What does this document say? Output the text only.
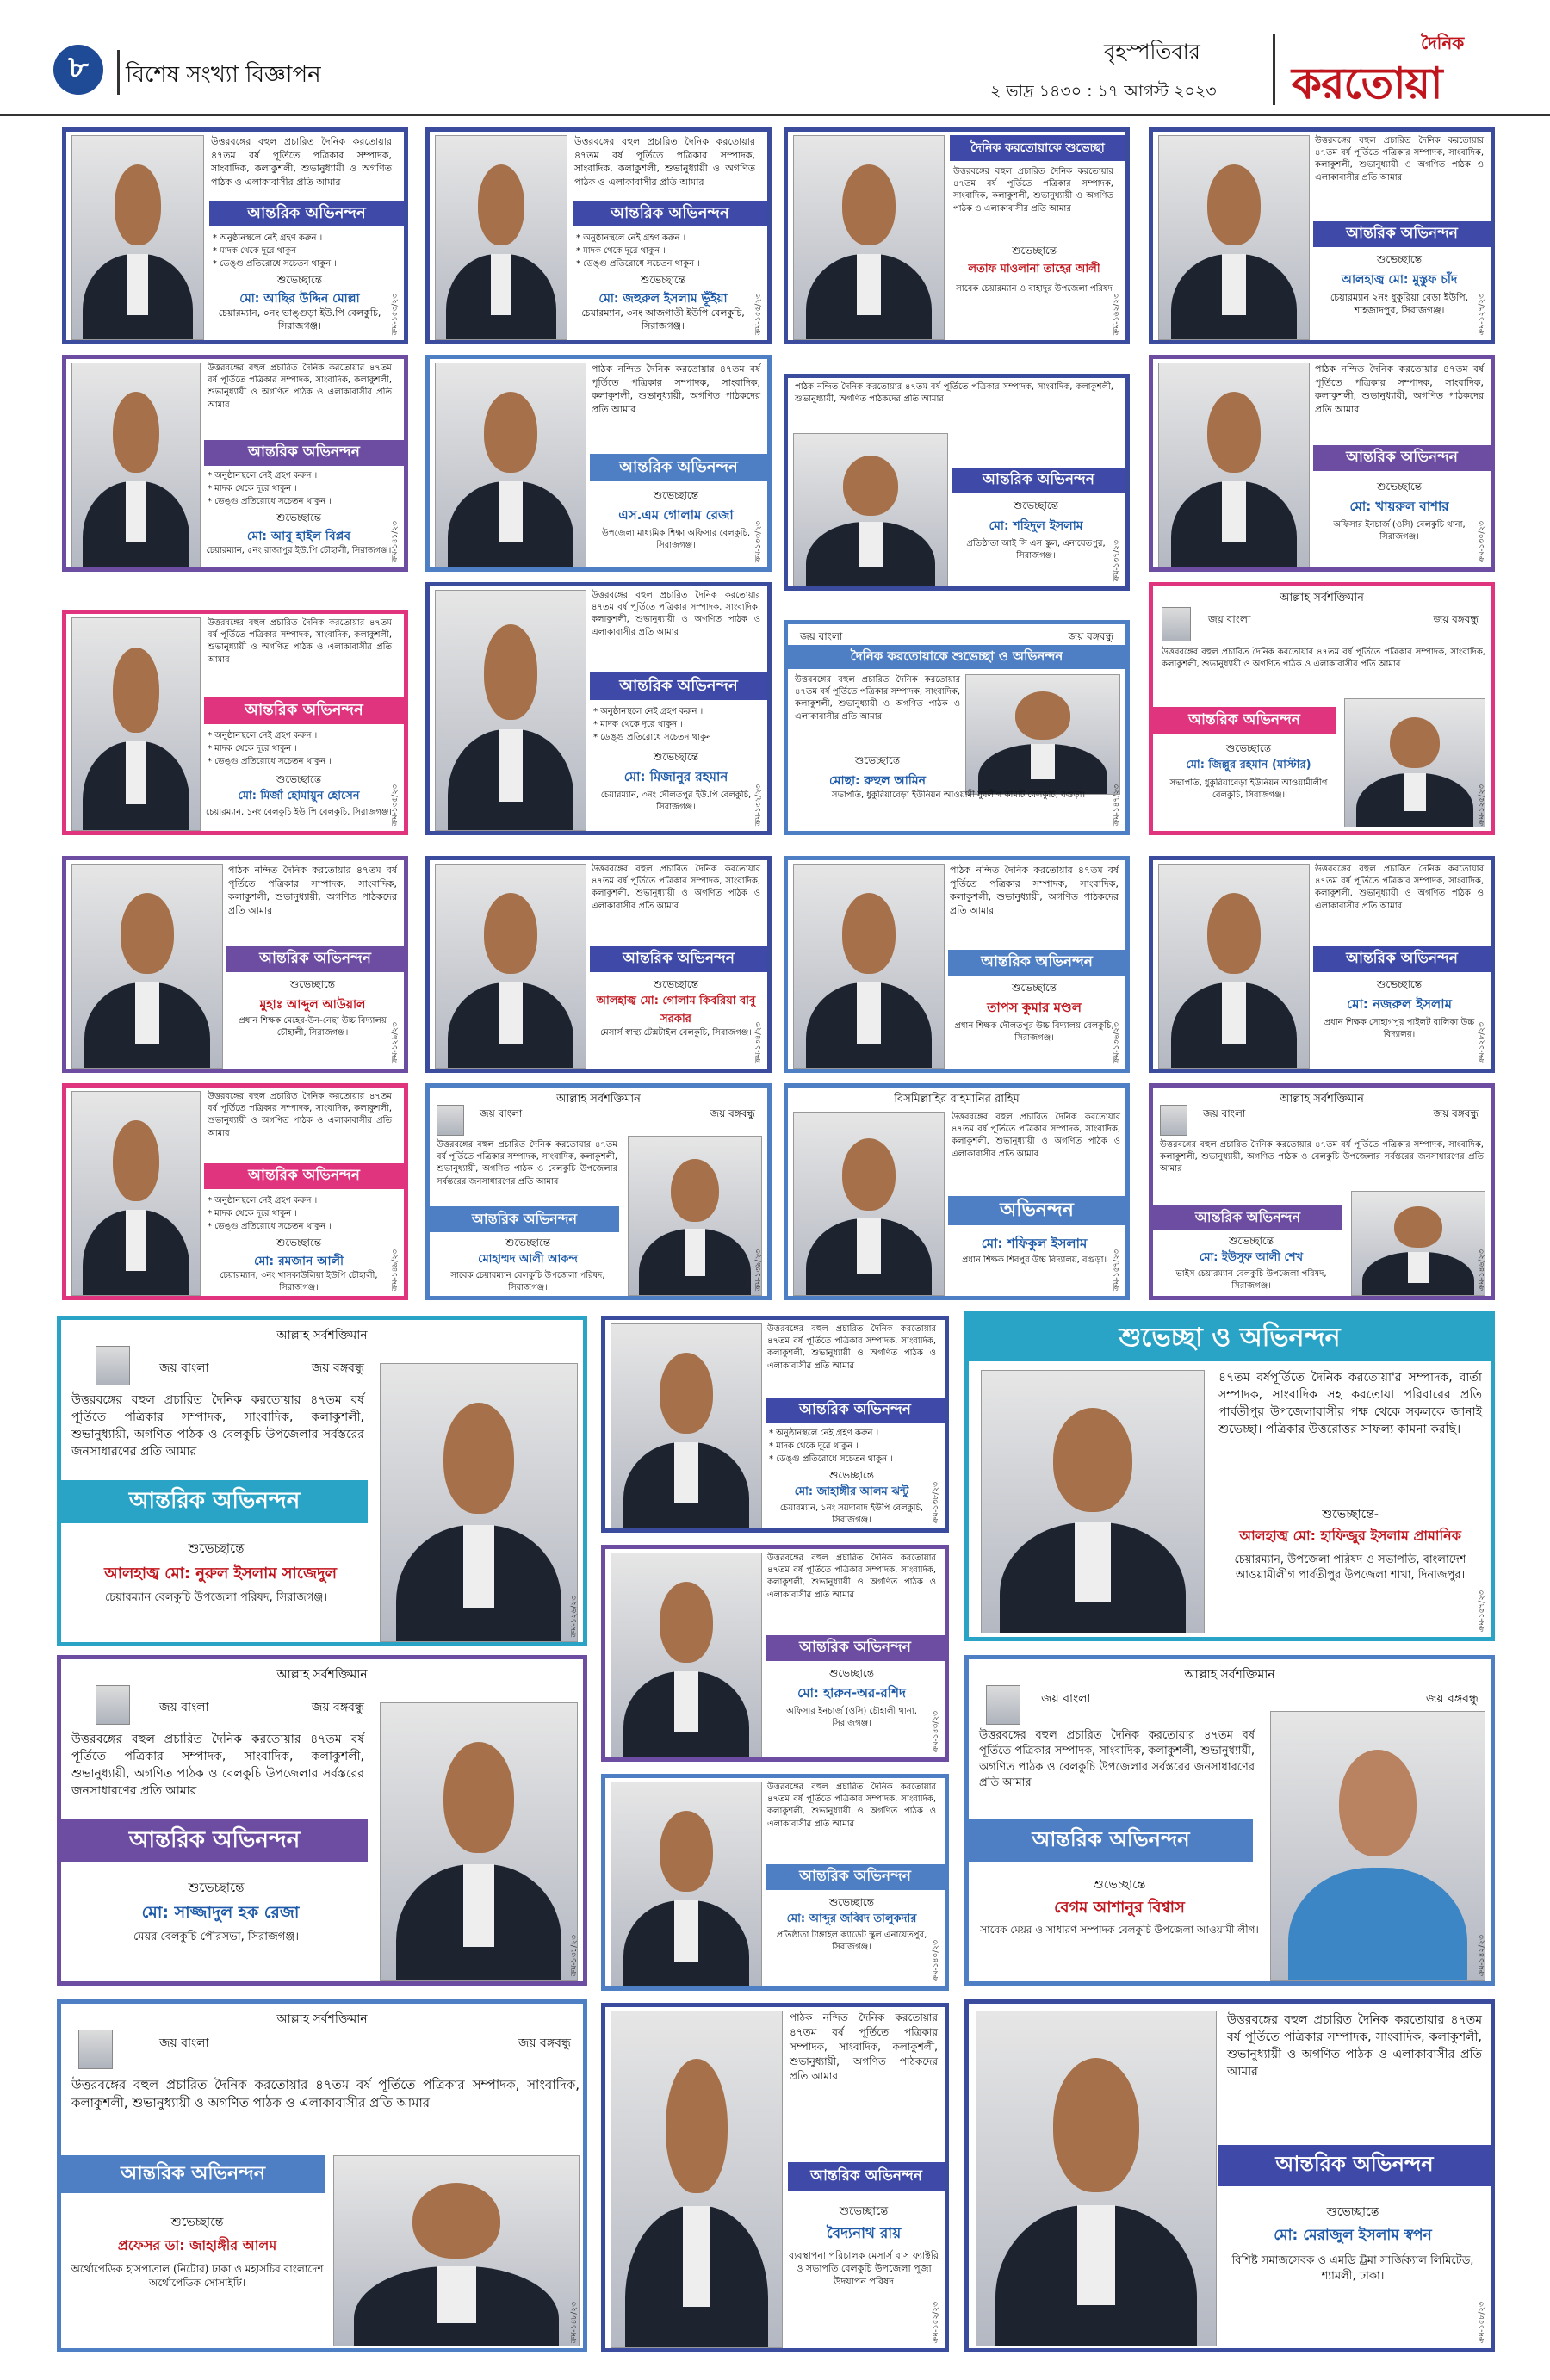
৮	বিশেষ সংখ্যা বিজ্ঞাপন
বৃহস্পতিবার
২ ভাদ্র ১৪৩০ : ১৭ আগস্ট ২০২৩
দৈনিক
করতোয়া
উত্তরবঙ্গের বহুল প্রচারিত দৈনিক করতোয়ার ৪৭তম বর্ষ পূর্তিতে পত্রিকার সম্পাদক, সাংবাদিক, কলাকুশলী, শুভানুধ্যায়ী ও অগণিত পাঠক ও এলাকাবাসীর প্রতি আমার
আন্তরিক অভিনন্দন
* অনুষ্ঠানস্থলে নেই গ্রহণ করুন ।
* মাদক থেকে দূরে থাকুন ।
* ডেঙ্গু প্রতিরোধে সচেতন থাকুন ।
শুভেচ্ছান্তে
মো: আছির উদ্দিন মোল্লা
চেয়ারম্যান, ০নং ভাঙ্গুড়া ইউ.পি বেলকুচি, সিরাজগঞ্জ।	ক্রম-১৫৩/২৩
উত্তরবঙ্গের বহুল প্রচারিত দৈনিক করতোয়ার ৪৭তম বর্ষ পূর্তিতে পত্রিকার সম্পাদক, সাংবাদিক, কলাকুশলী, শুভানুধ্যায়ী ও অগণিত পাঠক ও এলাকাবাসীর প্রতি আমার
আন্তরিক অভিনন্দন
* অনুষ্ঠানস্থলে নেই গ্রহণ করুন ।
* মাদক থেকে দূরে থাকুন ।
* ডেঙ্গু প্রতিরোধে সচেতন থাকুন ।
শুভেচ্ছান্তে
মো: জহুরুল ইসলাম ভূঁইয়া
চেয়ারম্যান, ৩নং আজগাতী ইউপি বেলকুচি, সিরাজগঞ্জ।	ক্রম-১৫৫/২৩
দৈনিক করতোয়াকে শুভেচ্ছা
উত্তরবঙ্গের বহুল প্রচারিত দৈনিক করতোয়ার ৪৭তম বর্ষ পূর্তিতে পত্রিকার সম্পাদক, সাংবাদিক, কলাকুশলী, শুভানুধ্যায়ী ও অগণিত পাঠক ও এলাকাবাসীর প্রতি আমার
শুভেচ্ছান্তে
লতাফ মাওলানা তাহের আলী
সাবেক চেয়ারম্যান ও বাহাদুর উপজেলা পরিষদ
ক্রম-১৬২/২৩
উত্তরবঙ্গের বহুল প্রচারিত দৈনিক করতোয়ার ৪৭তম বর্ষ পূর্তিতে পত্রিকার সম্পাদক, সাংবাদিক, কলাকুশলী, শুভানুধ্যায়ী ও অগণিত পাঠক ও এলাকাবাসীর প্রতি আমার
আন্তরিক অভিনন্দন
শুভেচ্ছান্তে
আলহাজ্ব মো: মুস্তুফ চাঁদ
চেয়ারম্যান ২নং ধুকুরিয়া বেড়া ইউপি, শাহজাদপুর, সিরাজগঞ্জ।	ক্রম-১২৭/২৩
উত্তরবঙ্গের বহুল প্রচারিত দৈনিক করতোয়ার ৪৭তম বর্ষ পূর্তিতে পত্রিকার সম্পাদক, সাংবাদিক, কলাকুশলী, শুভানুধ্যায়ী ও অগণিত পাঠক ও এলাকাবাসীর প্রতি আমার
আন্তরিক অভিনন্দন
* অনুষ্ঠানস্থলে নেই গ্রহণ করুন ।
* মাদক থেকে দূরে থাকুন ।
* ডেঙ্গু প্রতিরোধে সচেতন থাকুন ।
শুভেচ্ছান্তে
মো: আবু হাইল বিপ্লব
চেয়ারম্যান, ৫নং রাজাপুর ইউ.পি চৌহালী, সিরাজগঞ্জ। ক্রম-১৪১/২৩
পাঠক নন্দিত দৈনিক করতোয়ার ৪৭তম বর্ষ পূর্তিতে পত্রিকার সম্পাদক, সাংবাদিক, কলাকুশলী, শুভানুধ্যায়ী, অগণিত পাঠকদের প্রতি আমার
আন্তরিক অভিনন্দন
শুভেচ্ছান্তে
এস.এম গোলাম রেজা
উপজেলা মাধ্যমিক শিক্ষা অফিসার বেলকুচি, সিরাজগঞ্জ।	ক্রম-১৩৩/২৩
পাঠক নন্দিত দৈনিক করতোয়ার ৪৭তম বর্ষ পূর্তিতে পত্রিকার সম্পাদক, সাংবাদিক, কলাকুশলী, শুভানুধ্যায়ী, অগণিত পাঠকদের প্রতি আমার
আন্তরিক অভিনন্দন
শুভেচ্ছান্তে
মো: শহিদুল ইসলাম
প্রতিষ্ঠাতা আই সি এস স্কুল, এনায়েতপুর, সিরাজগঞ্জ।	ক্রম-১৩৭/২৩
পাঠক নন্দিত দৈনিক করতোয়ার ৪৭তম বর্ষ পূর্তিতে পত্রিকার সম্পাদক, সাংবাদিক, কলাকুশলী, শুভানুধ্যায়ী, অগণিত পাঠকদের প্রতি আমার
আন্তরিক অভিনন্দন
শুভেচ্ছান্তে
মো: খায়রুল বাশার
অফিসার ইনচার্জ (ওসি) বেলকুচি থানা, সিরাজগঞ্জ।	ক্রম-১৩০/২৩
উত্তরবঙ্গের বহুল প্রচারিত দৈনিক করতোয়ার ৪৭তম বর্ষ পূর্তিতে পত্রিকার সম্পাদক, সাংবাদিক, কলাকুশলী, শুভানুধ্যায়ী ও অগণিত পাঠক ও এলাকাবাসীর প্রতি আমার
আন্তরিক অভিনন্দন
* অনুষ্ঠানস্থলে নেই গ্রহণ করুন ।
* মাদক থেকে দূরে থাকুন ।
* ডেঙ্গু প্রতিরোধে সচেতন থাকুন ।
শুভেচ্ছান্তে
মো: মির্জা হোমায়ুন হোসেন
চেয়ারম্যান, ১নং বেলকুচি ইউ.পি বেলকুচি, সিরাজগঞ্জ।
ক্রম-১৩৫/২৩
উত্তরবঙ্গের বহুল প্রচারিত দৈনিক করতোয়ার ৪৭তম বর্ষ পূর্তিতে পত্রিকার সম্পাদক, সাংবাদিক, কলাকুশলী, শুভানুধ্যায়ী ও অগণিত পাঠক ও এলাকাবাসীর প্রতি আমার
আন্তরিক অভিনন্দন
* অনুষ্ঠানস্থলে নেই গ্রহণ করুন ।
* মাদক থেকে দূরে থাকুন ।
* ডেঙ্গু প্রতিরোধে সচেতন থাকুন ।
শুভেচ্ছান্তে
মো: মিজানুর রহমান
চেয়ারম্যান, ৩নং দৌলতপুর ইউ.পি বেলকুচি, সিরাজগঞ্জ।	ক্রম-১৩২/২৩
জয় বাংলা	জয় বঙ্গবন্ধু
দৈনিক করতোয়াকে শুভেচ্ছা ও অভিনন্দন
উত্তরবঙ্গের বহুল প্রচারিত দৈনিক করতোয়ার ৪৭তম বর্ষ পূর্তিতে পত্রিকার সম্পাদক, সাংবাদিক, কলাকুশলী, শুভানুধ্যায়ী ও অগণিত পাঠক ও এলাকাবাসীর প্রতি আমার
শুভেচ্ছান্তে
মোছা: রুহুল আমিন
সভাপতি, ধুকুরিয়াবেড়া ইউনিয়ন আওয়ামী যুবলীগ কমিটি বেলকুচি, বগুড়া।	ক্রম-১৪৭/২৩
আল্লাহ সর্বশক্তিমান
জয় বাংলা	জয় বঙ্গবন্ধু
উত্তরবঙ্গের বহুল প্রচারিত দৈনিক করতোয়ার ৪৭তম বর্ষ পূর্তিতে পত্রিকার সম্পাদক, সাংবাদিক, কলাকুশলী, শুভানুধ্যায়ী ও অগণিত পাঠক ও এলাকাবাসীর প্রতি আমার
আন্তরিক অভিনন্দন
শুভেচ্ছান্তে
মো: জিল্লুর রহমান (মাস্টার)
সভাপতি, ধুকুরিয়াবেড়া ইউনিয়ন আওয়ামীলীগ বেলকুচি, সিরাজগঞ্জ।	ক্রম-১২৫/২৩
পাঠক নন্দিত দৈনিক করতোয়ার ৪৭তম বর্ষ পূর্তিতে পত্রিকার সম্পাদক, সাংবাদিক, কলাকুশলী, শুভানুধ্যায়ী, অগণিত পাঠকদের প্রতি আমার
আন্তরিক অভিনন্দন
শুভেচ্ছান্তে
মুহাঃ আব্দুল আউয়াল
প্রধান শিক্ষক মেহের-উন-নেছা উচ্চ বিদ্যালয় চৌহালী, সিরাজগঞ্জ।	ক্রম-১২৯/২৩
উত্তরবঙ্গের বহুল প্রচারিত দৈনিক করতোয়ার ৪৭তম বর্ষ পূর্তিতে পত্রিকার সম্পাদক, সাংবাদিক, কলাকুশলী, শুভানুধ্যায়ী ও অগণিত পাঠক ও এলাকাবাসীর প্রতি আমার
আন্তরিক অভিনন্দন
শুভেচ্ছান্তে
আলহাজ্ব মো: গোলাম কিবরিয়া বাবু সরকার
মেসার্স স্বাস্থ্য টেক্সটাইল বেলকুচি, সিরাজগঞ্জ। ক্রম-১৩৪/২৩
পাঠক নন্দিত দৈনিক করতোয়ার ৪৭তম বর্ষ পূর্তিতে পত্রিকার সম্পাদক, সাংবাদিক, কলাকুশলী, শুভানুধ্যায়ী, অগণিত পাঠকদের প্রতি আমার
আন্তরিক অভিনন্দন
শুভেচ্ছান্তে
তাপস কুমার মণ্ডল
প্রধান শিক্ষক দৌলতপুর উচ্চ বিদ্যালয় বেলকুচি, সিরাজগঞ্জ।	ক্রম-১৩৬/২৩
উত্তরবঙ্গের বহুল প্রচারিত দৈনিক করতোয়ার ৪৭তম বর্ষ পূর্তিতে পত্রিকার সম্পাদক, সাংবাদিক, কলাকুশলী, শুভানুধ্যায়ী ও অগণিত পাঠক ও এলাকাবাসীর প্রতি আমার
আন্তরিক অভিনন্দন
শুভেচ্ছান্তে
মো: নজরুল ইসলাম
প্রধান শিক্ষক সোহাগপুর পাইলট বালিকা উচ্চ বিদ্যালয়।	ক্রম-১২৮/২৩
উত্তরবঙ্গের বহুল প্রচারিত দৈনিক করতোয়ার ৪৭তম বর্ষ পূর্তিতে পত্রিকার সম্পাদক, সাংবাদিক, কলাকুশলী, শুভানুধ্যায়ী ও অগণিত পাঠক ও এলাকাবাসীর প্রতি আমার
আন্তরিক অভিনন্দন
* অনুষ্ঠানস্থলে নেই গ্রহণ করুন ।
* মাদক থেকে দূরে থাকুন ।
* ডেঙ্গু প্রতিরোধে সচেতন থাকুন ।
শুভেচ্ছান্তে
মো: রমজান আলী
চেয়ারম্যান, ৩নং খাসকাউলিয়া ইউপি চৌহালী, সিরাজগঞ্জ।	ক্রম-১৪৯/২৩
আল্লাহ সর্বশক্তিমান
জয় বাংলা	জয় বঙ্গবন্ধু
উত্তরবঙ্গের বহুল প্রচারিত দৈনিক করতোয়ার ৪৭তম বর্ষ পূর্তিতে পত্রিকার সম্পাদক, সাংবাদিক, কলাকুশলী, শুভানুধ্যায়ী, অগণিত পাঠক ও বেলকুচি উপজেলার সর্বস্তরের জনসাধারণের প্রতি আমার
আন্তরিক অভিনন্দন
শুভেচ্ছান্তে
মোহাম্মদ আলী আকন্দ
সাবেক চেয়ারম্যান বেলকুচি উপজেলা পরিষদ, সিরাজগঞ্জ।	ক্রম-১৩৯/২৩
বিসমিল্লাহির রাহমানির রাহিম
উত্তরবঙ্গের বহুল প্রচারিত দৈনিক করতোয়ার ৪৭তম বর্ষ পূর্তিতে পত্রিকার সম্পাদক, সাংবাদিক, কলাকুশলী, শুভানুধ্যায়ী ও অগণিত পাঠক ও এলাকাবাসীর প্রতি আমার
অভিনন্দন
মো: শফিকুল ইসলাম
প্রধান শিক্ষক শিবপুর উচ্চ বিদ্যালয়, বগুড়া। ক্রম-১৫৭/২৩
আল্লাহ সর্বশক্তিমান
জয় বাংলা	জয় বঙ্গবন্ধু
উত্তরবঙ্গের বহুল প্রচারিত দৈনিক করতোয়ার ৪৭তম বর্ষ পূর্তিতে পত্রিকার সম্পাদক, সাংবাদিক, কলাকুশলী, শুভানুধ্যায়ী, অগণিত পাঠক ও বেলকুচি উপজেলার সর্বস্তরের জনসাধারণের প্রতি আমার
আন্তরিক অভিনন্দন
শুভেচ্ছান্তে
মো: ইউসুফ আলী শেখ
ভাইস চেয়ারম্যান বেলকুচি উপজেলা পরিষদ, সিরাজগঞ্জ।	ক্রম-১৪৬/২৩
আল্লাহ সর্বশক্তিমান
জয় বাংলা	জয় বঙ্গবন্ধু
উত্তরবঙ্গের বহুল প্রচারিত দৈনিক করতোয়ার ৪৭তম বর্ষ পূর্তিতে পত্রিকার সম্পাদক, সাংবাদিক, কলাকুশলী, শুভানুধ্যায়ী, অগণিত পাঠক ও বেলকুচি উপজেলার সর্বস্তরের জনসাধারণের প্রতি আমার
আন্তরিক অভিনন্দন
শুভেচ্ছান্তে
আলহাজ্ব মো: নুরুল ইসলাম সাজেদুল
চেয়ারম্যান বেলকুচি উপজেলা পরিষদ, সিরাজগঞ্জ।	ক্রম-১২৬/২৩
উত্তরবঙ্গের বহুল প্রচারিত দৈনিক করতোয়ার ৪৭তম বর্ষ পূর্তিতে পত্রিকার সম্পাদক, সাংবাদিক, কলাকুশলী, শুভানুধ্যায়ী ও অগণিত পাঠক ও এলাকাবাসীর প্রতি আমার
আন্তরিক অভিনন্দন
* অনুষ্ঠানস্থলে নেই গ্রহণ করুন ।
* মাদক থেকে দূরে থাকুন ।
* ডেঙ্গু প্রতিরোধে সচেতন থাকুন ।
শুভেচ্ছান্তে
মো: জাহাঙ্গীর আলম ঝন্টু
চেয়ারম্যান, ১নং সয়দাবাদ ইউপি বেলকুচি, সিরাজগঞ্জ।	ক্রম-১৩৮/২৩
শুভেচ্ছা ও অভিনন্দন
৪৭তম বর্ষপূর্তিতে দৈনিক করতোয়া'র সম্পাদক, বার্তা সম্পাদক, সাংবাদিক সহ করতোয়া পরিবারের প্রতি পার্বতীপুর উপজেলাবাসীর পক্ষ থেকে সকলকে জানাই শুভেচ্ছা। পত্রিকার উত্তরোত্তর সাফল্য কামনা করছি।
শুভেচ্ছান্তে-
আলহাজ্ব মো: হাফিজুর ইসলাম প্রামানিক
চেয়ারম্যান, উপজেলা পরিষদ ও সভাপতি, বাংলাদেশ আওয়ামীলীগ পার্বতীপুর উপজেলা শাখা, দিনাজপুর।
ক্রম-১৫৭/২৩
উত্তরবঙ্গের বহুল প্রচারিত দৈনিক করতোয়ার ৪৭তম বর্ষ পূর্তিতে পত্রিকার সম্পাদক, সাংবাদিক, কলাকুশলী, শুভানুধ্যায়ী ও অগণিত পাঠক ও এলাকাবাসীর প্রতি আমার
আন্তরিক অভিনন্দন
শুভেচ্ছান্তে
মো: হারুন-অর-রশিদ
অফিসার ইনচার্জ (ওসি) চৌহালী থানা, সিরাজগঞ্জ।	ক্রম-১৪৩/২৩
আল্লাহ সর্বশক্তিমান
জয় বাংলা	জয় বঙ্গবন্ধু
উত্তরবঙ্গের বহুল প্রচারিত দৈনিক করতোয়ার ৪৭তম বর্ষ পূর্তিতে পত্রিকার সম্পাদক, সাংবাদিক, কলাকুশলী, শুভানুধ্যায়ী, অগণিত পাঠক ও বেলকুচি উপজেলার সর্বস্তরের জনসাধারণের প্রতি আমার
আন্তরিক অভিনন্দন
শুভেচ্ছান্তে
মো: সাজ্জাদুল হক রেজা
মেয়র বেলকুচি পৌরসভা, সিরাজগঞ্জ।	ক্রম-১৩১/২৩
উত্তরবঙ্গের বহুল প্রচারিত দৈনিক করতোয়ার ৪৭তম বর্ষ পূর্তিতে পত্রিকার সম্পাদক, সাংবাদিক, কলাকুশলী, শুভানুধ্যায়ী ও অগণিত পাঠক ও এলাকাবাসীর প্রতি আমার
আন্তরিক অভিনন্দন
শুভেচ্ছান্তে
মো: আব্দুর জব্বিদ তালুকদার
প্রতিষ্ঠাতা টাঙ্গাইল ক্যাডেট স্কুল এনায়েতপুর, সিরাজগঞ্জ।	ক্রম-১৪০/২৩
আল্লাহ সর্বশক্তিমান
জয় বাংলা	জয় বঙ্গবন্ধু
উত্তরবঙ্গের বহুল প্রচারিত দৈনিক করতোয়ার ৪৭তম বর্ষ পূর্তিতে পত্রিকার সম্পাদক, সাংবাদিক, কলাকুশলী, শুভানুধ্যায়ী, অগণিত পাঠক ও বেলকুচি উপজেলার সর্বস্তরের জনসাধারণের প্রতি আমার
আন্তরিক অভিনন্দন
শুভেচ্ছান্তে
বেগম আশানুর বিশ্বাস
সাবেক মেয়র ও সাধারণ সম্পাদক বেলকুচি উপজেলা আওয়ামী লীগ।
ক্রম-১৪২/২৩
আল্লাহ সর্বশক্তিমান
জয় বাংলা	জয় বঙ্গবন্ধু
উত্তরবঙ্গের বহুল প্রচারিত দৈনিক করতোয়ার ৪৭তম বর্ষ পূর্তিতে পত্রিকার সম্পাদক, সাংবাদিক, কলাকুশলী, শুভানুধ্যায়ী ও অগণিত পাঠক ও এলাকাবাসীর প্রতি আমার
আন্তরিক অভিনন্দন
শুভেচ্ছান্তে
প্রফেসর ডা: জাহাঙ্গীর আলম
অর্থোপেডিক হাসপাতাল (নিটোর) ঢাকা ও মহাসচিব বাংলাদেশ অর্থোপেডিক সোসাইটি।
ক্রম-১৪৮/২৩
পাঠক নন্দিত দৈনিক করতোয়ার ৪৭তম বর্ষ পূর্তিতে পত্রিকার সম্পাদক, সাংবাদিক, কলাকুশলী, শুভানুধ্যায়ী, অগণিত পাঠকদের প্রতি আমার
আন্তরিক অভিনন্দন
শুভেচ্ছান্তে
বৈদ্যনাথ রায়
ব্যবস্থাপনা পরিচালক মেসার্স বাস ফ্যাক্টরি ও সভাপতি বেলকুচি উপজেলা পূজা উদযাপন পরিষদ
ক্রম-১৫২/২৩
উত্তরবঙ্গের বহুল প্রচারিত দৈনিক করতোয়ার ৪৭তম বর্ষ পূর্তিতে পত্রিকার সম্পাদক, সাংবাদিক, কলাকুশলী, শুভানুধ্যায়ী ও অগণিত পাঠক ও এলাকাবাসীর প্রতি আমার
আন্তরিক অভিনন্দন
শুভেচ্ছান্তে
মো: মেরাজুল ইসলাম স্বপন
বিশিষ্ট সমাজসেবক ও এমডি ট্রমা সার্জিক্যাল লিমিটেড, শ্যামলী, ঢাকা।
ক্রম-১৫৮/২৩
